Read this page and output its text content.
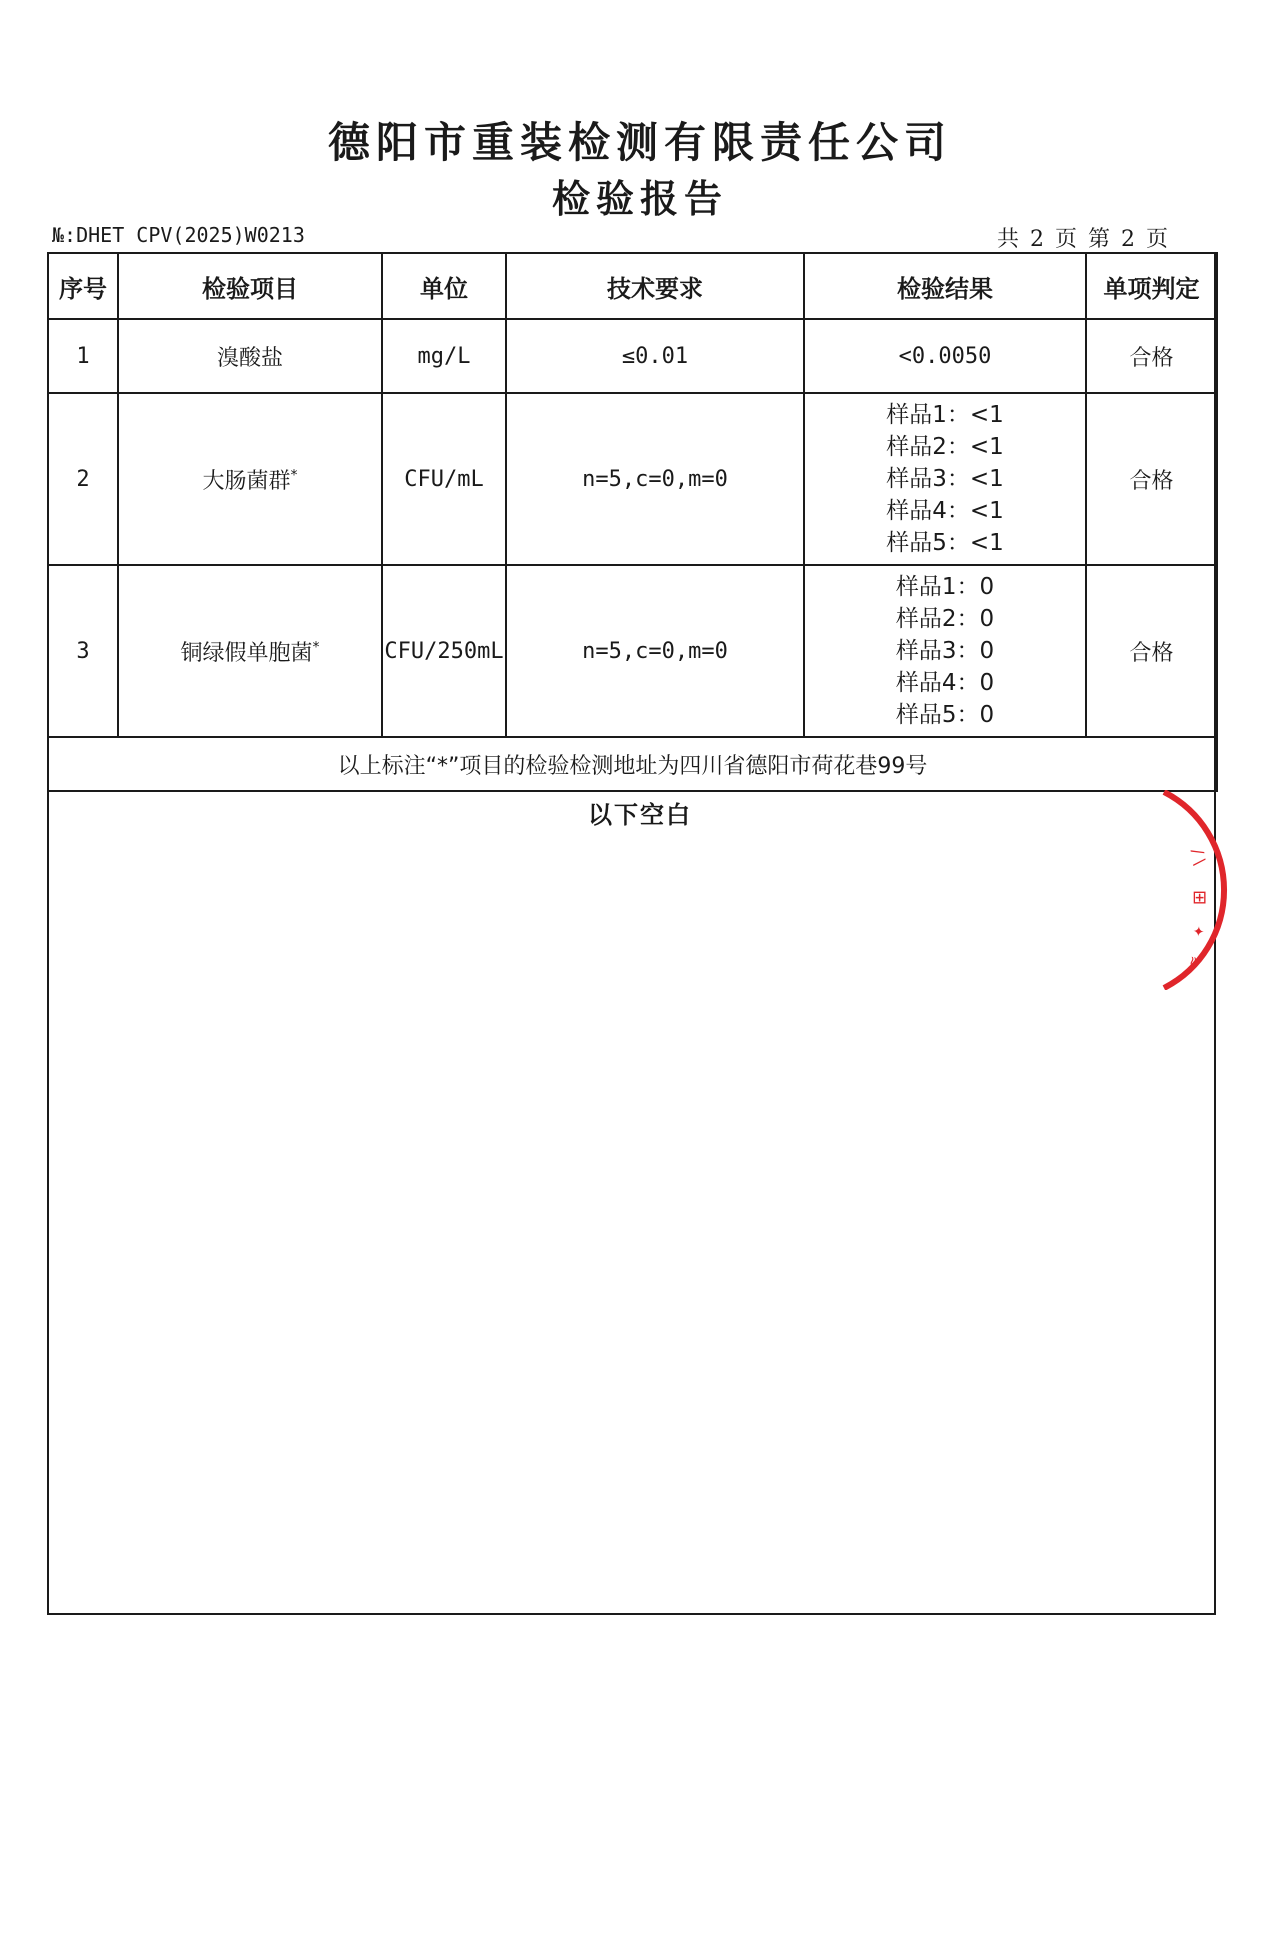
德阳市重装检测有限责任公司
检验报告
№:DHET CPV(2025)W0213	共 2 页 第 2 页
序号	检验项目	单位	技术要求	检验结果	单项判定
1	溴酸盐	mg/L	≤0.01	<0.0050	合格
2	大肠菌群*	CFU/mL	n=5,c=0,m=0	样品1：<1
样品2：<1
样品3：<1
样品4：<1
样品5：<1	合格
3	铜绿假单胞菌*	CFU/250mL	n=5,c=0,m=0	样品1：0
样品2：0
样品3：0
样品4：0
样品5：0	合格
以上标注“*”项目的检验检测地址为四川省德阳市荷花巷99号					
以下空白
/ \
⊞
✦
≈
